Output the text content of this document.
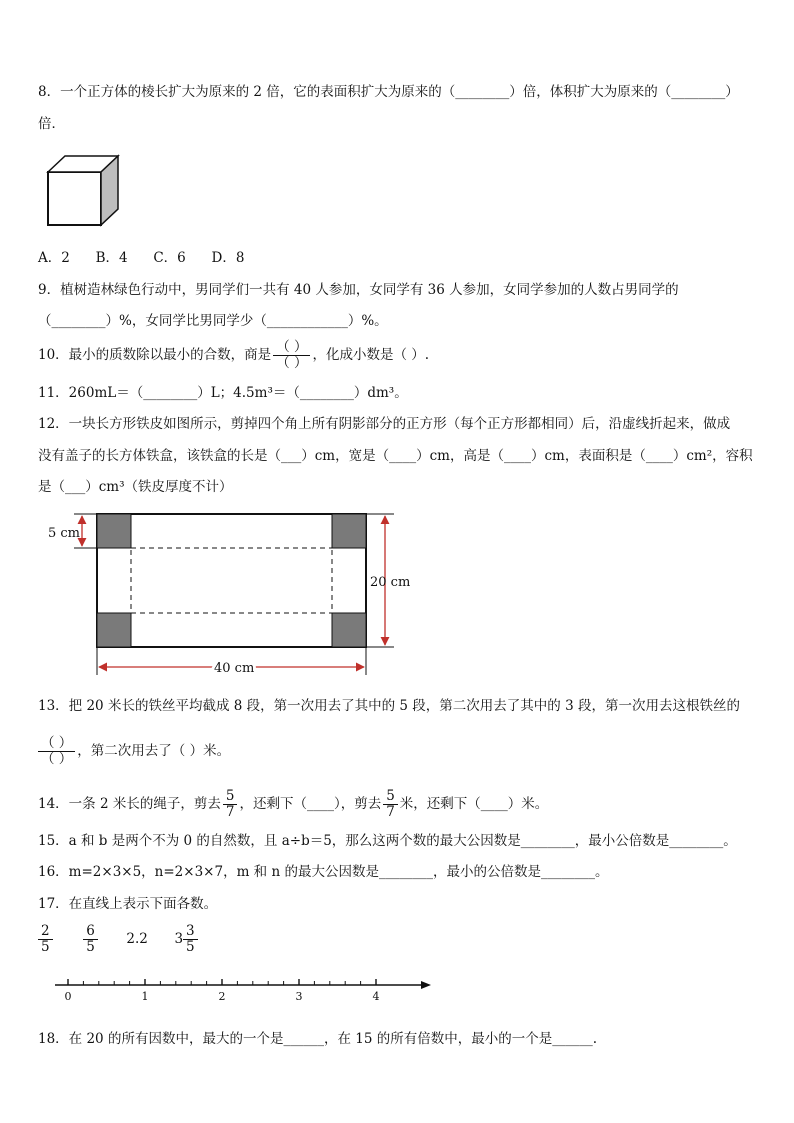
8．一个正方体的棱长扩大为原来的 2 倍，它的表面积扩大为原来的（________）倍，体积扩大为原来的（________）
倍．
A．2      B．4      C．6      D．8
9．植树造林绿色行动中，男同学们一共有 40 人参加，女同学有 36 人参加，女同学参加的人数占男同学的
（________）%，女同学比男同学少（____________）%。
10．最小的质数除以最小的合数，商是 $\frac{( )}{( )}$ ，化成小数是（ ）.
11．260mL＝（________）L；4.5m³＝（________）dm³。
12．一块长方形铁皮如图所示，剪掉四个角上所有阴影部分的正方形（每个正方形都相同）后，沿虚线折起来，做成
没有盖子的长方体铁盒，该铁盒的长是（___）cm，宽是（____）cm，高是（____）cm，表面积是（____）cm²，容积
是（___）cm³（铁皮厚度不计）
5 cm
20 cm
40 cm
13．把 20 米长的铁丝平均截成 8 段，第一次用去了其中的 5 段，第二次用去了其中的 3 段，第一次用去这根铁丝的
$\frac{( )}{( )}$ ，第二次用去了（ ）米。
14．一条 2 米长的绳子，剪去 $\frac{5}{7}$ ，还剩下（____），剪去 $\frac{5}{7}$ 米，还剩下（____）米。
15．a 和 b 是两个不为 0 的自然数，且 a÷b＝5，那么这两个数的最大公因数是________，最小公倍数是________。
16．m=2×3×5，n=2×3×7，m 和 n 的最大公因数是________，最小的公倍数是________。
17．在直线上表示下面各数。
$\frac{2}{5}$
$\frac{6}{5} 2.2$ $3 \frac{3}{5}$
0	1	2	3	4
18．在 20 的所有因数中，最大的一个是______，在 15 的所有倍数中，最小的一个是______.
